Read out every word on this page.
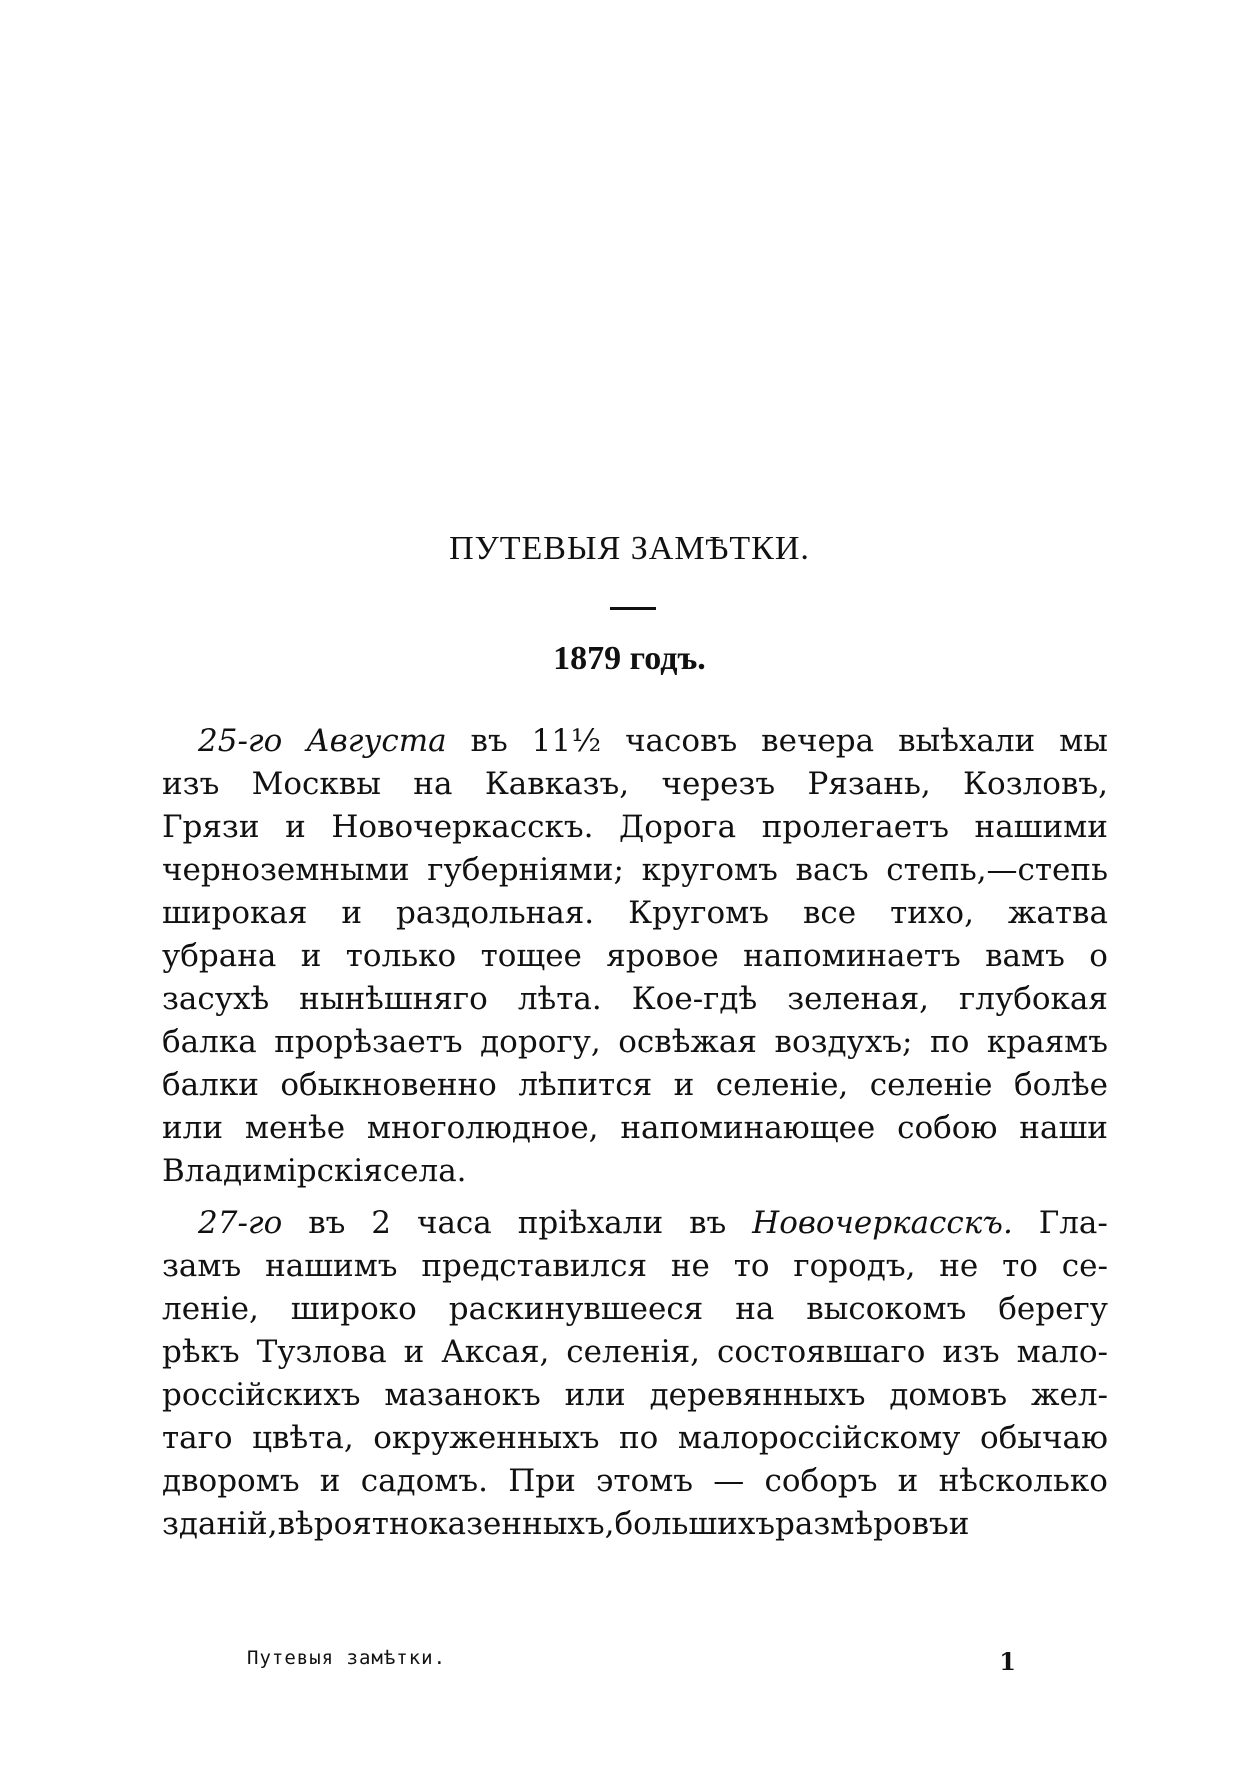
ПУТЕВЫЯ ЗАМѢТКИ.
1879 годъ.
25-го Августа въ 11½ часовъ вечера выѣхали мы
изъ Москвы на Кавказъ, черезъ Рязань, Козловъ,
Грязи и Новочеркасскъ. Дорога пролегаетъ нашими
черноземными губерніями; кругомъ васъ степь,—степь
широкая и раздольная. Кругомъ все тихо, жатва
убрана и только тощее яровое напоминаетъ вамъ о
засухѣ нынѣшняго лѣта. Кое-гдѣ зеленая, глубокая
балка прорѣзаетъ дорогу, освѣжая воздухъ; по краямъ
балки обыкновенно лѣпится и селеніе, селеніе болѣе
или менѣе многолюдное, напоминающее собою наши
Владимірскія села.
27-го въ 2 часа пріѣхали въ Новочеркасскъ. Гла-
замъ нашимъ представился не то городъ, не то се-
леніе, широко раскинувшееся на высокомъ берегу
рѣкъ Тузлова и Аксая, селенія, состоявшаго изъ мало-
россійскихъ мазанокъ или деревянныхъ домовъ жел-
таго цвѣта, окруженныхъ по малороссійскому обычаю
дворомъ и садомъ. При этомъ — соборъ и нѣсколько
зданій, вѣроятно казенныхъ, большихъ размѣровъ и
Путевыя замѣтки.	1
